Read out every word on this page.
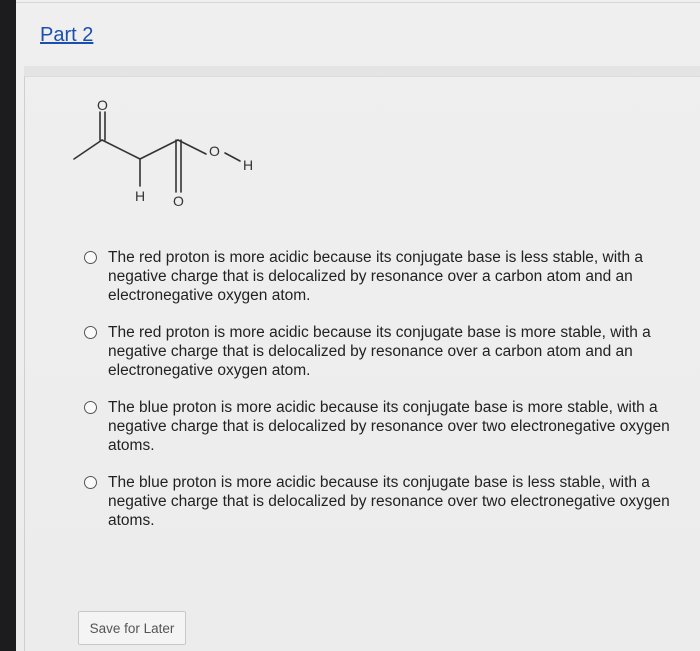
Part 2
O
O
O
H
H
The red proton is more acidic because its conjugate base is less stable, with a negative charge that is delocalized by resonance over a carbon atom and an electronegative oxygen atom.
The red proton is more acidic because its conjugate base is more stable, with a negative charge that is delocalized by resonance over a carbon atom and an electronegative oxygen atom.
The blue proton is more acidic because its conjugate base is more stable, with a negative charge that is delocalized by resonance over two electronegative oxygen atoms.
The blue proton is more acidic because its conjugate base is less stable, with a negative charge that is delocalized by resonance over two electronegative oxygen atoms.
Save for Later
